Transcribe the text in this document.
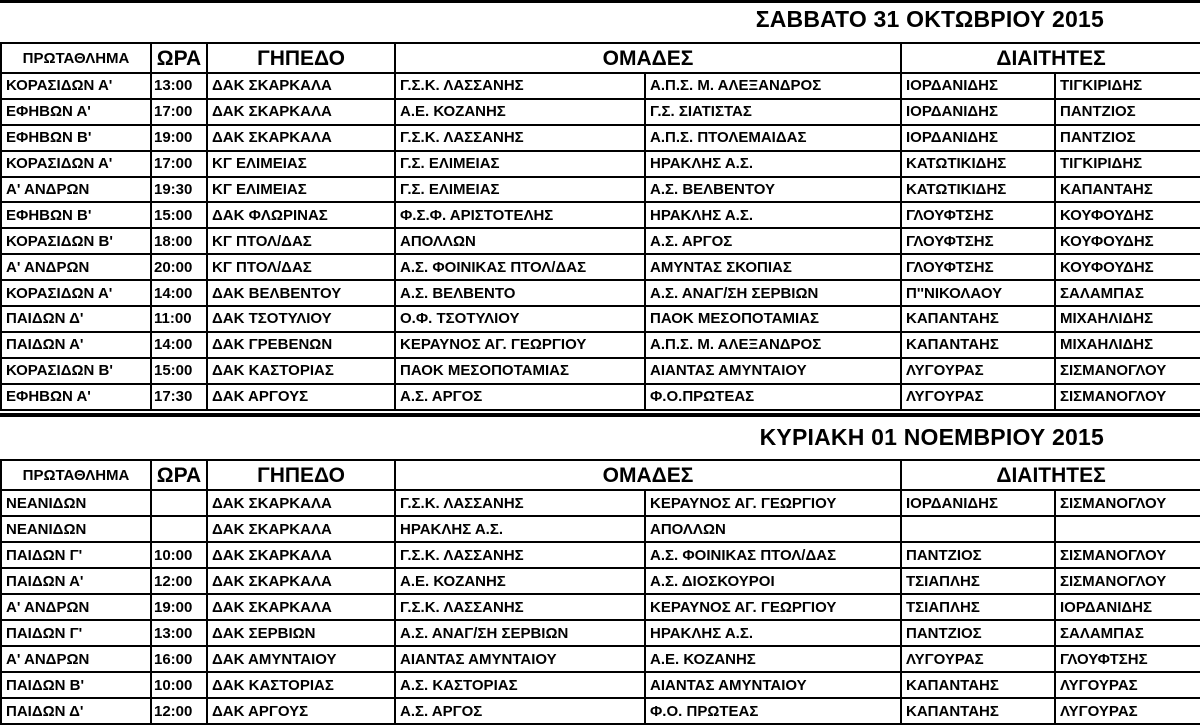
ΣΑΒΒΑΤΟ 31 ΟΚΤΩΒΡΙΟΥ 2015
ΠΡΩΤΑΘΛΗΜΑ	ΩΡΑ	ΓΗΠΕΔΟ	ΟΜΑΔΕΣ		ΔΙΑΙΤΗΤΕΣ	
ΚΟΡΑΣΙΔΩΝ Α'	13:00	ΔΑΚ ΣΚΑΡΚΑΛΑ	Γ.Σ.Κ. ΛΑΣΣΑΝΗΣ	Α.Π.Σ. Μ. ΑΛΕΞΑΝΔΡΟΣ	ΙΟΡΔΑΝΙΔΗΣ	ΤΙΓΚΙΡΙΔΗΣ
ΕΦΗΒΩΝ Α'	17:00	ΔΑΚ ΣΚΑΡΚΑΛΑ	Α.Ε. ΚΟΖΑΝΗΣ	Γ.Σ. ΣΙΑΤΙΣΤΑΣ	ΙΟΡΔΑΝΙΔΗΣ	ΠΑΝΤΖΙΟΣ
ΕΦΗΒΩΝ Β'	19:00	ΔΑΚ ΣΚΑΡΚΑΛΑ	Γ.Σ.Κ. ΛΑΣΣΑΝΗΣ	Α.Π.Σ. ΠΤΟΛΕΜΑΙΔΑΣ	ΙΟΡΔΑΝΙΔΗΣ	ΠΑΝΤΖΙΟΣ
ΚΟΡΑΣΙΔΩΝ Α'	17:00	ΚΓ ΕΛΙΜΕΙΑΣ	Γ.Σ. ΕΛΙΜΕΙΑΣ	ΗΡΑΚΛΗΣ Α.Σ.	ΚΑΤΩΤΙΚΙΔΗΣ	ΤΙΓΚΙΡΙΔΗΣ
Α' ΑΝΔΡΩΝ	19:30	ΚΓ ΕΛΙΜΕΙΑΣ	Γ.Σ. ΕΛΙΜΕΙΑΣ	Α.Σ. ΒΕΛΒΕΝΤΟΥ	ΚΑΤΩΤΙΚΙΔΗΣ	ΚΑΠΑΝΤΑΗΣ
ΕΦΗΒΩΝ Β'	15:00	ΔΑΚ ΦΛΩΡΙΝΑΣ	Φ.Σ.Φ. ΑΡΙΣΤΟΤΕΛΗΣ	ΗΡΑΚΛΗΣ Α.Σ.	ΓΛΟΥΦΤΣΗΣ	ΚΟΥΦΟΥΔΗΣ
ΚΟΡΑΣΙΔΩΝ Β'	18:00	ΚΓ ΠΤΟΛ/ΔΑΣ	ΑΠΟΛΛΩΝ	Α.Σ. ΑΡΓΟΣ	ΓΛΟΥΦΤΣΗΣ	ΚΟΥΦΟΥΔΗΣ
Α' ΑΝΔΡΩΝ	20:00	ΚΓ ΠΤΟΛ/ΔΑΣ	Α.Σ. ΦΟΙΝΙΚΑΣ ΠΤΟΛ/ΔΑΣ	ΑΜΥΝΤΑΣ ΣΚΟΠΙΑΣ	ΓΛΟΥΦΤΣΗΣ	ΚΟΥΦΟΥΔΗΣ
ΚΟΡΑΣΙΔΩΝ Α'	14:00	ΔΑΚ ΒΕΛΒΕΝΤΟΥ	Α.Σ. ΒΕΛΒΕΝΤΟ	Α.Σ. ΑΝΑΓ/ΣΗ ΣΕΡΒΙΩΝ	Π''ΝΙΚΟΛΑΟΥ	ΣΑΛΑΜΠΑΣ
ΠΑΙΔΩΝ Δ'	11:00	ΔΑΚ ΤΣΟΤΥΛΙΟΥ	Ο.Φ. ΤΣΟΤΥΛΙΟΥ	ΠΑΟΚ ΜΕΣΟΠΟΤΑΜΙΑΣ	ΚΑΠΑΝΤΑΗΣ	ΜΙΧΑΗΛΙΔΗΣ
ΠΑΙΔΩΝ Α'	14:00	ΔΑΚ ΓΡΕΒΕΝΩΝ	ΚΕΡΑΥΝΟΣ ΑΓ. ΓΕΩΡΓΙΟΥ	Α.Π.Σ. Μ. ΑΛΕΞΑΝΔΡΟΣ	ΚΑΠΑΝΤΑΗΣ	ΜΙΧΑΗΛΙΔΗΣ
ΚΟΡΑΣΙΔΩΝ Β'	15:00	ΔΑΚ ΚΑΣΤΟΡΙΑΣ	ΠΑΟΚ ΜΕΣΟΠΟΤΑΜΙΑΣ	ΑΙΑΝΤΑΣ ΑΜΥΝΤΑΙΟΥ	ΛΥΓΟΥΡΑΣ	ΣΙΣΜΑΝΟΓΛΟΥ
ΕΦΗΒΩΝ Α'	17:30	ΔΑΚ ΑΡΓΟΥΣ	Α.Σ. ΑΡΓΟΣ	Φ.Ο.ΠΡΩΤΕΑΣ	ΛΥΓΟΥΡΑΣ	ΣΙΣΜΑΝΟΓΛΟΥ
ΚΥΡΙΑΚΗ 01 ΝΟΕΜΒΡΙΟΥ 2015
ΠΡΩΤΑΘΛΗΜΑ	ΩΡΑ	ΓΗΠΕΔΟ	ΟΜΑΔΕΣ		ΔΙΑΙΤΗΤΕΣ	
ΝΕΑΝΙΔΩΝ		ΔΑΚ ΣΚΑΡΚΑΛΑ	Γ.Σ.Κ. ΛΑΣΣΑΝΗΣ	ΚΕΡΑΥΝΟΣ ΑΓ. ΓΕΩΡΓΙΟΥ	ΙΟΡΔΑΝΙΔΗΣ	ΣΙΣΜΑΝΟΓΛΟΥ
ΝΕΑΝΙΔΩΝ		ΔΑΚ ΣΚΑΡΚΑΛΑ	ΗΡΑΚΛΗΣ Α.Σ.	ΑΠΟΛΛΩΝ		
ΠΑΙΔΩΝ Γ'	10:00	ΔΑΚ ΣΚΑΡΚΑΛΑ	Γ.Σ.Κ. ΛΑΣΣΑΝΗΣ	Α.Σ. ΦΟΙΝΙΚΑΣ ΠΤΟΛ/ΔΑΣ	ΠΑΝΤΖΙΟΣ	ΣΙΣΜΑΝΟΓΛΟΥ
ΠΑΙΔΩΝ Α'	12:00	ΔΑΚ ΣΚΑΡΚΑΛΑ	Α.Ε. ΚΟΖΑΝΗΣ	Α.Σ. ΔΙΟΣΚΟΥΡΟΙ	ΤΣΙΑΠΛΗΣ	ΣΙΣΜΑΝΟΓΛΟΥ
Α' ΑΝΔΡΩΝ	19:00	ΔΑΚ ΣΚΑΡΚΑΛΑ	Γ.Σ.Κ. ΛΑΣΣΑΝΗΣ	ΚΕΡΑΥΝΟΣ ΑΓ. ΓΕΩΡΓΙΟΥ	ΤΣΙΑΠΛΗΣ	ΙΟΡΔΑΝΙΔΗΣ
ΠΑΙΔΩΝ Γ'	13:00	ΔΑΚ ΣΕΡΒΙΩΝ	Α.Σ. ΑΝΑΓ/ΣΗ ΣΕΡΒΙΩΝ	ΗΡΑΚΛΗΣ Α.Σ.	ΠΑΝΤΖΙΟΣ	ΣΑΛΑΜΠΑΣ
Α' ΑΝΔΡΩΝ	16:00	ΔΑΚ ΑΜΥΝΤΑΙΟΥ	ΑΙΑΝΤΑΣ ΑΜΥΝΤΑΙΟΥ	Α.Ε. ΚΟΖΑΝΗΣ	ΛΥΓΟΥΡΑΣ	ΓΛΟΥΦΤΣΗΣ
ΠΑΙΔΩΝ Β'	10:00	ΔΑΚ ΚΑΣΤΟΡΙΑΣ	Α.Σ. ΚΑΣΤΟΡΙΑΣ	ΑΙΑΝΤΑΣ ΑΜΥΝΤΑΙΟΥ	ΚΑΠΑΝΤΑΗΣ	ΛΥΓΟΥΡΑΣ
ΠΑΙΔΩΝ Δ'	12:00	ΔΑΚ ΑΡΓΟΥΣ	Α.Σ. ΑΡΓΟΣ	Φ.Ο. ΠΡΩΤΕΑΣ	ΚΑΠΑΝΤΑΗΣ	ΛΥΓΟΥΡΑΣ
